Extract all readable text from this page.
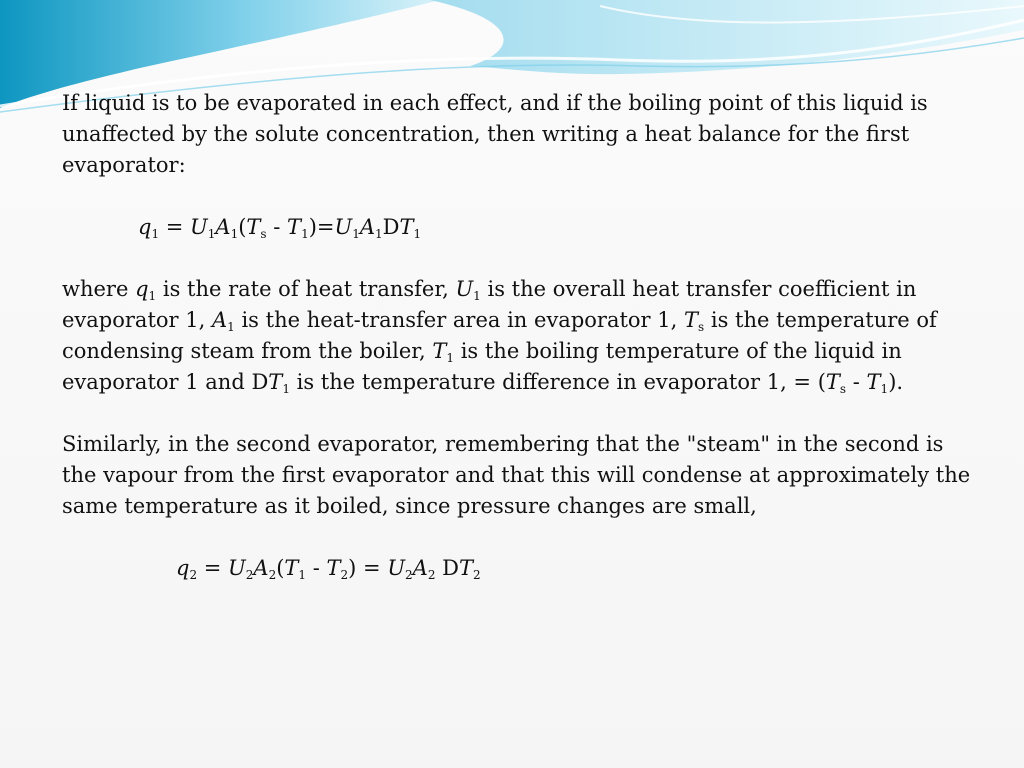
If liquid is to be evaporated in each effect, and if the boiling point of this liquid is unaffected by the solute concentration, then writing a heat balance for the first evaporator:

$q_1 = U_1A_1(T_s - T_1)=U_1A_1DT_1$

where $q_1$ is the rate of heat transfer, $U_1$ is the overall heat transfer coefficient in evaporator 1, $A_1$ is the heat-transfer area in evaporator 1, $T_s$ is the temperature of condensing steam from the boiler, $T_1$ is the boiling temperature of the liquid in evaporator 1 and $DT_1$ is the temperature difference in evaporator 1, = $(T_s - T_1)$.

Similarly, in the second evaporator, remembering that the "steam" in the second is the vapour from the first evaporator and that this will condense at approximately the same temperature as it boiled, since pressure changes are small,

$q_2 = U_2A_2(T_1 - T_2) = U_2A_2$ $DT_2$
